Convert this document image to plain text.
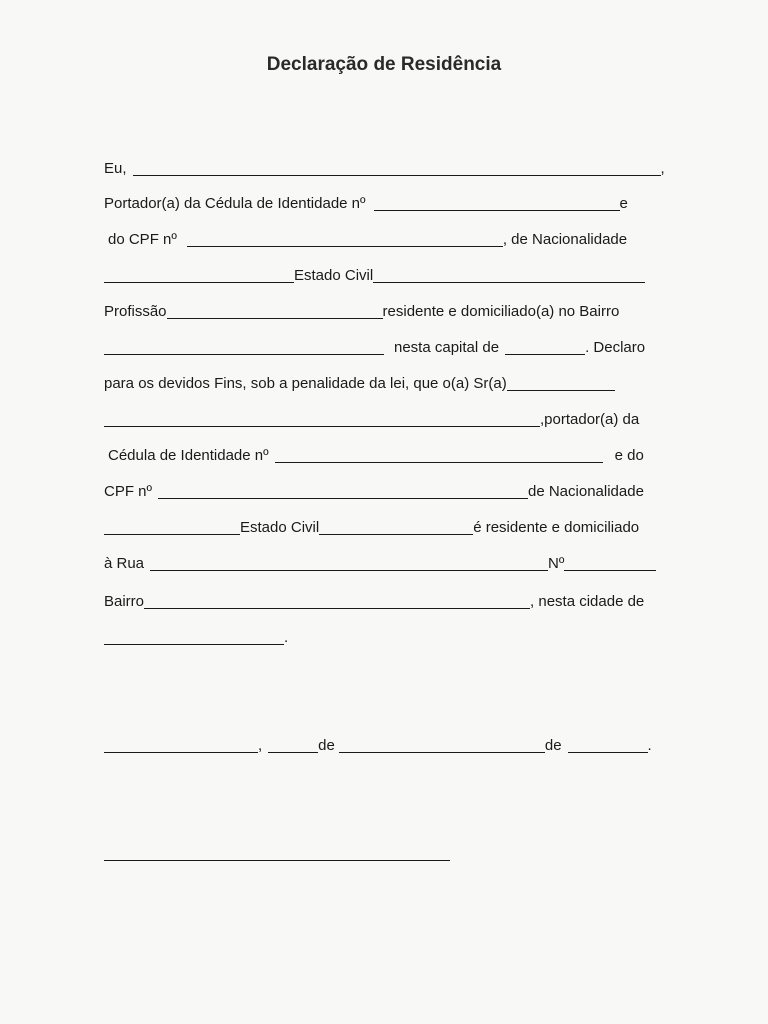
Declaração de Residência
Eu,	,
Portador(a) da Cédula de Identidade nº	e
do CPF nº	, de Nacionalidade
Estado Civil
Profissão	residente e domiciliado(a) no Bairro
nesta capital de	. Declaro
para os devidos Fins, sob a penalidade da lei, que o(a) Sr(a)
,portador(a) da
Cédula de Identidade nº	e do
CPF nº	de Nacionalidade
Estado Civil	é residente e domiciliado
à Rua	Nº
Bairro	, nesta cidade de
.
,	de	de	.
